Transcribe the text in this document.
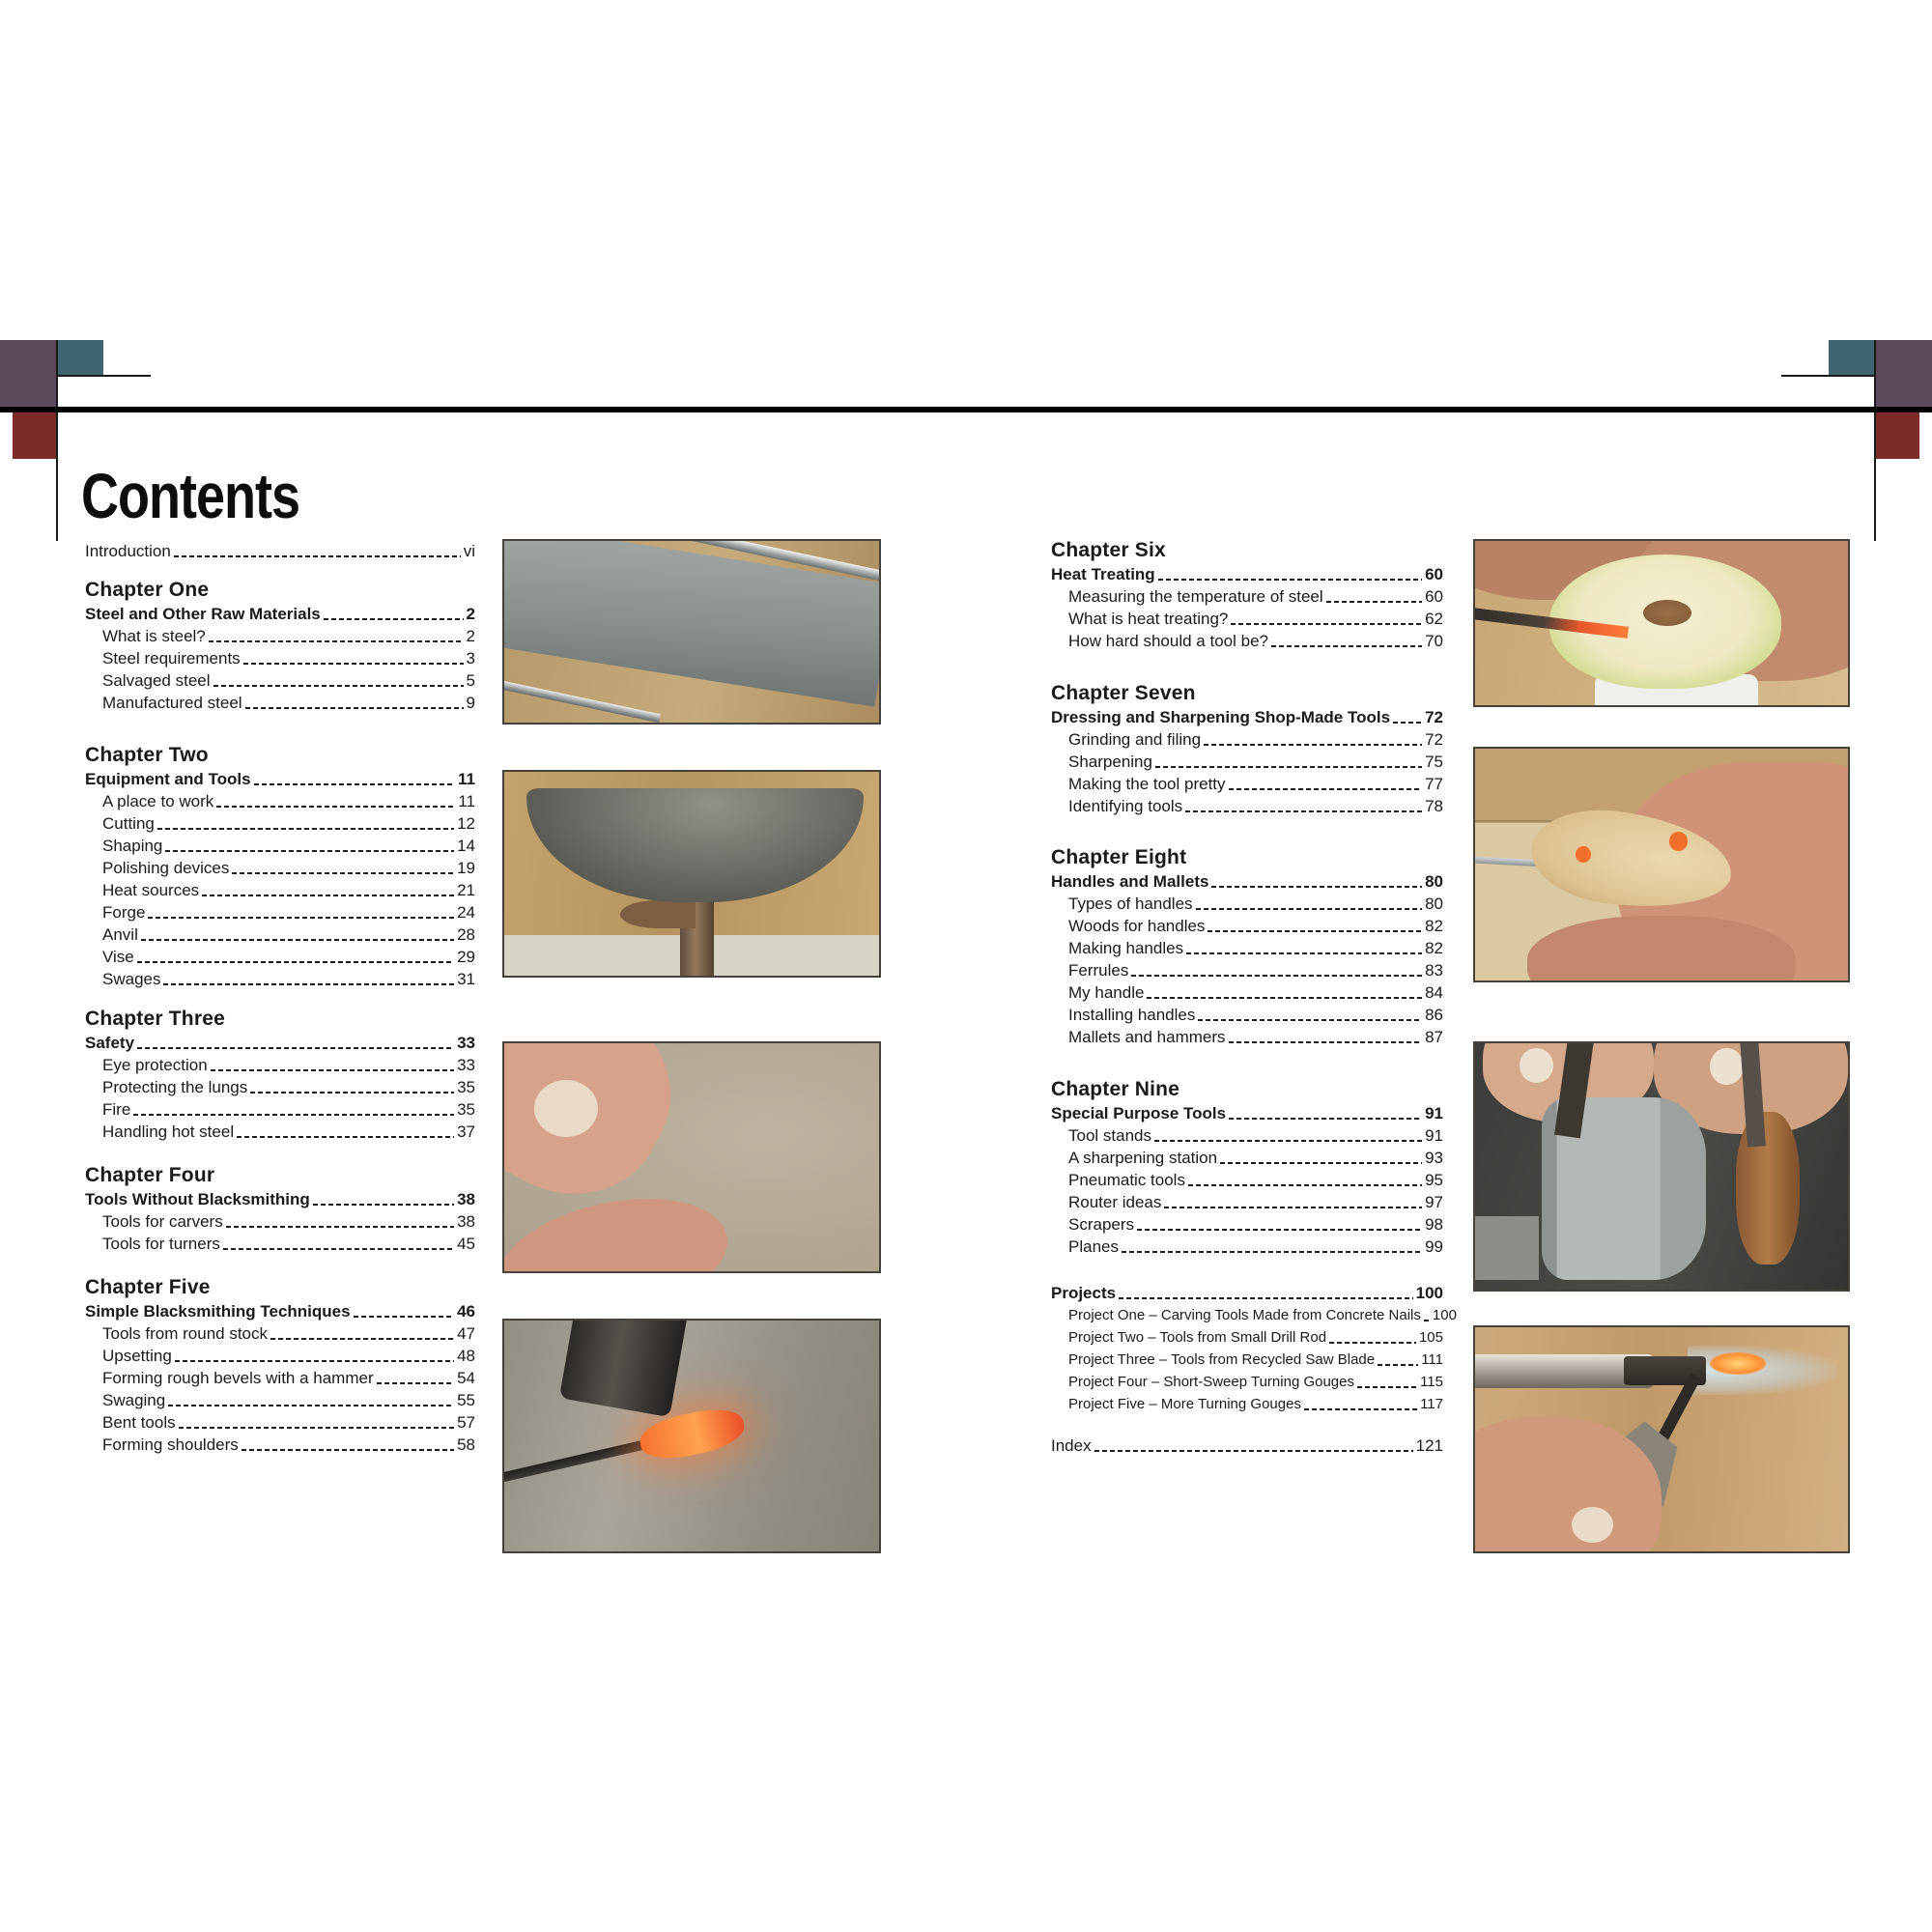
Contents
Introduction	vi
Chapter One
Steel and Other Raw Materials	2
What is steel?	2
Steel requirements	3
Salvaged steel	5
Manufactured steel	9
Chapter Two
Equipment and Tools	11
A place to work	11
Cutting	12
Shaping	14
Polishing devices	19
Heat sources	21
Forge	24
Anvil	28
Vise	29
Swages	31
Chapter Three
Safety	33
Eye protection	33
Protecting the lungs	35
Fire	35
Handling hot steel	37
Chapter Four
Tools Without Blacksmithing	38
Tools for carvers	38
Tools for turners	45
Chapter Five
Simple Blacksmithing Techniques	46
Tools from round stock	47
Upsetting	48
Forming rough bevels with a hammer	54
Swaging	55
Bent tools	57
Forming shoulders	58
Chapter Six
Heat Treating	60
Measuring the temperature of steel	60
What is heat treating?	62
How hard should a tool be?	70
Chapter Seven
Dressing and Sharpening Shop-Made Tools 72
Grinding and filing	72
Sharpening	75
Making the tool pretty	77
Identifying tools	78
Chapter Eight
Handles and Mallets	80
Types of handles	80
Woods for handles	82
Making handles	82
Ferrules	83
My handle	84
Installing handles	86
Mallets and hammers	87
Chapter Nine
Special Purpose Tools	91
Tool stands	91
A sharpening station	93
Pneumatic tools	95
Router ideas	97
Scrapers	98
Planes	99
Projects	100
Project One – Carving Tools Made from Concrete Nails 100
Project Two – Tools from Small Drill Rod	105
Project Three – Tools from Recycled Saw Blade	111
Project Four – Short-Sweep Turning Gouges	115
Project Five – More Turning Gouges	117
Index	121
